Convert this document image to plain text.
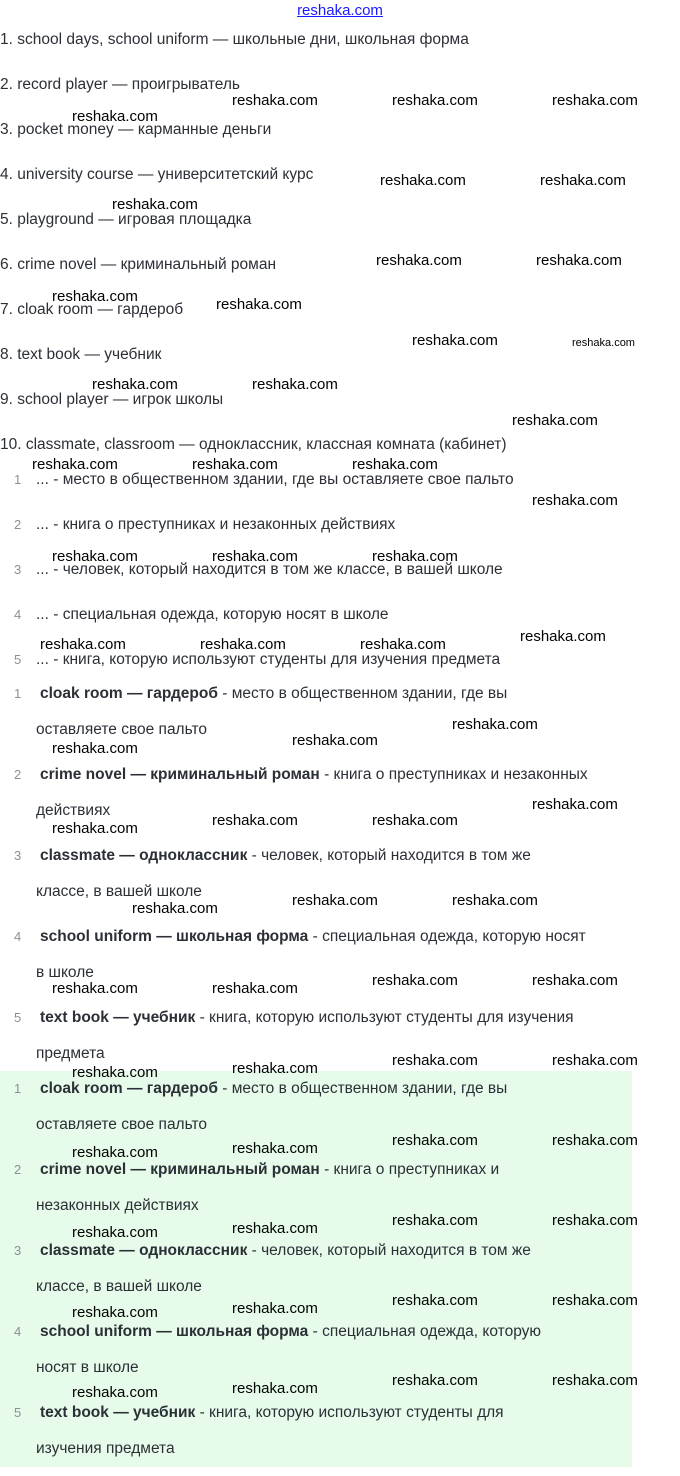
reshaka.com
1. school days, school uniform — школьные дни, школьная форма
2. record player — проигрыватель
3. pocket money — карманные деньги
4. university course — университетский курс
5. playground — игровая площадка
6. crime novel — криминальный роман
7. cloak room — гардероб
8. text book — учебник
9. school player — игрок школы
10. classmate, classroom — одноклассник, классная комната (кабинет)
1 ... - место в общественном здании, где вы оставляете свое пальто
2 ... - книга о преступниках и незаконных действиях
3 ... - человек, который находится в том же классе, в вашей школе
4 ... - специальная одежда, которую носят в школе
5 ... - книга, которую используют студенты для изучения предмета
1	cloak room — гардероб - место в общественном здании, где вы
оставляете свое пальто
2	crime novel — криминальный роман - книга о преступниках и незаконных
действиях
3	classmate — одноклассник - человек, который находится в том же
классе, в вашей школе
4	school uniform — школьная форма - специальная одежда, которую носят
в школе
5	text book — учебник - книга, которую используют студенты для изучения
предмета
1	cloak room — гардероб - место в общественном здании, где вы
оставляете свое пальто
2	crime novel — криминальный роман - книга о преступниках и
незаконных действиях
3	classmate — одноклассник - человек, который находится в том же
классе, в вашей школе
4	school uniform — школьная форма - специальная одежда, которую
носят в школе
5	text book — учебник - книга, которую используют студенты для
изучения предмета
reshaka.com
reshaka.com	reshaka.com	reshaka.com
reshaka.com	reshaka.com
reshaka.com
reshaka.com	reshaka.com
reshaka.com	reshaka.com
reshaka.com	reshaka.com
reshaka.com	reshaka.com
reshaka.com
reshaka.com	reshaka.com	reshaka.com
reshaka.com
reshaka.com	reshaka.com	reshaka.com
reshaka.com	reshaka.com	reshaka.com	reshaka.com
reshaka.com
reshaka.com
reshaka.com
reshaka.com
reshaka.com	reshaka.com	reshaka.com
reshaka.com	reshaka.com	reshaka.com
reshaka.com	reshaka.com	reshaka.com	reshaka.com
reshaka.com	reshaka.com	reshaka.com	reshaka.com
reshaka.com	reshaka.com	reshaka.com	reshaka.com
reshaka.com	reshaka.com	reshaka.com	reshaka.com
reshaka.com	reshaka.com	reshaka.com	reshaka.com
reshaka.com	reshaka.com	reshaka.com	reshaka.com
